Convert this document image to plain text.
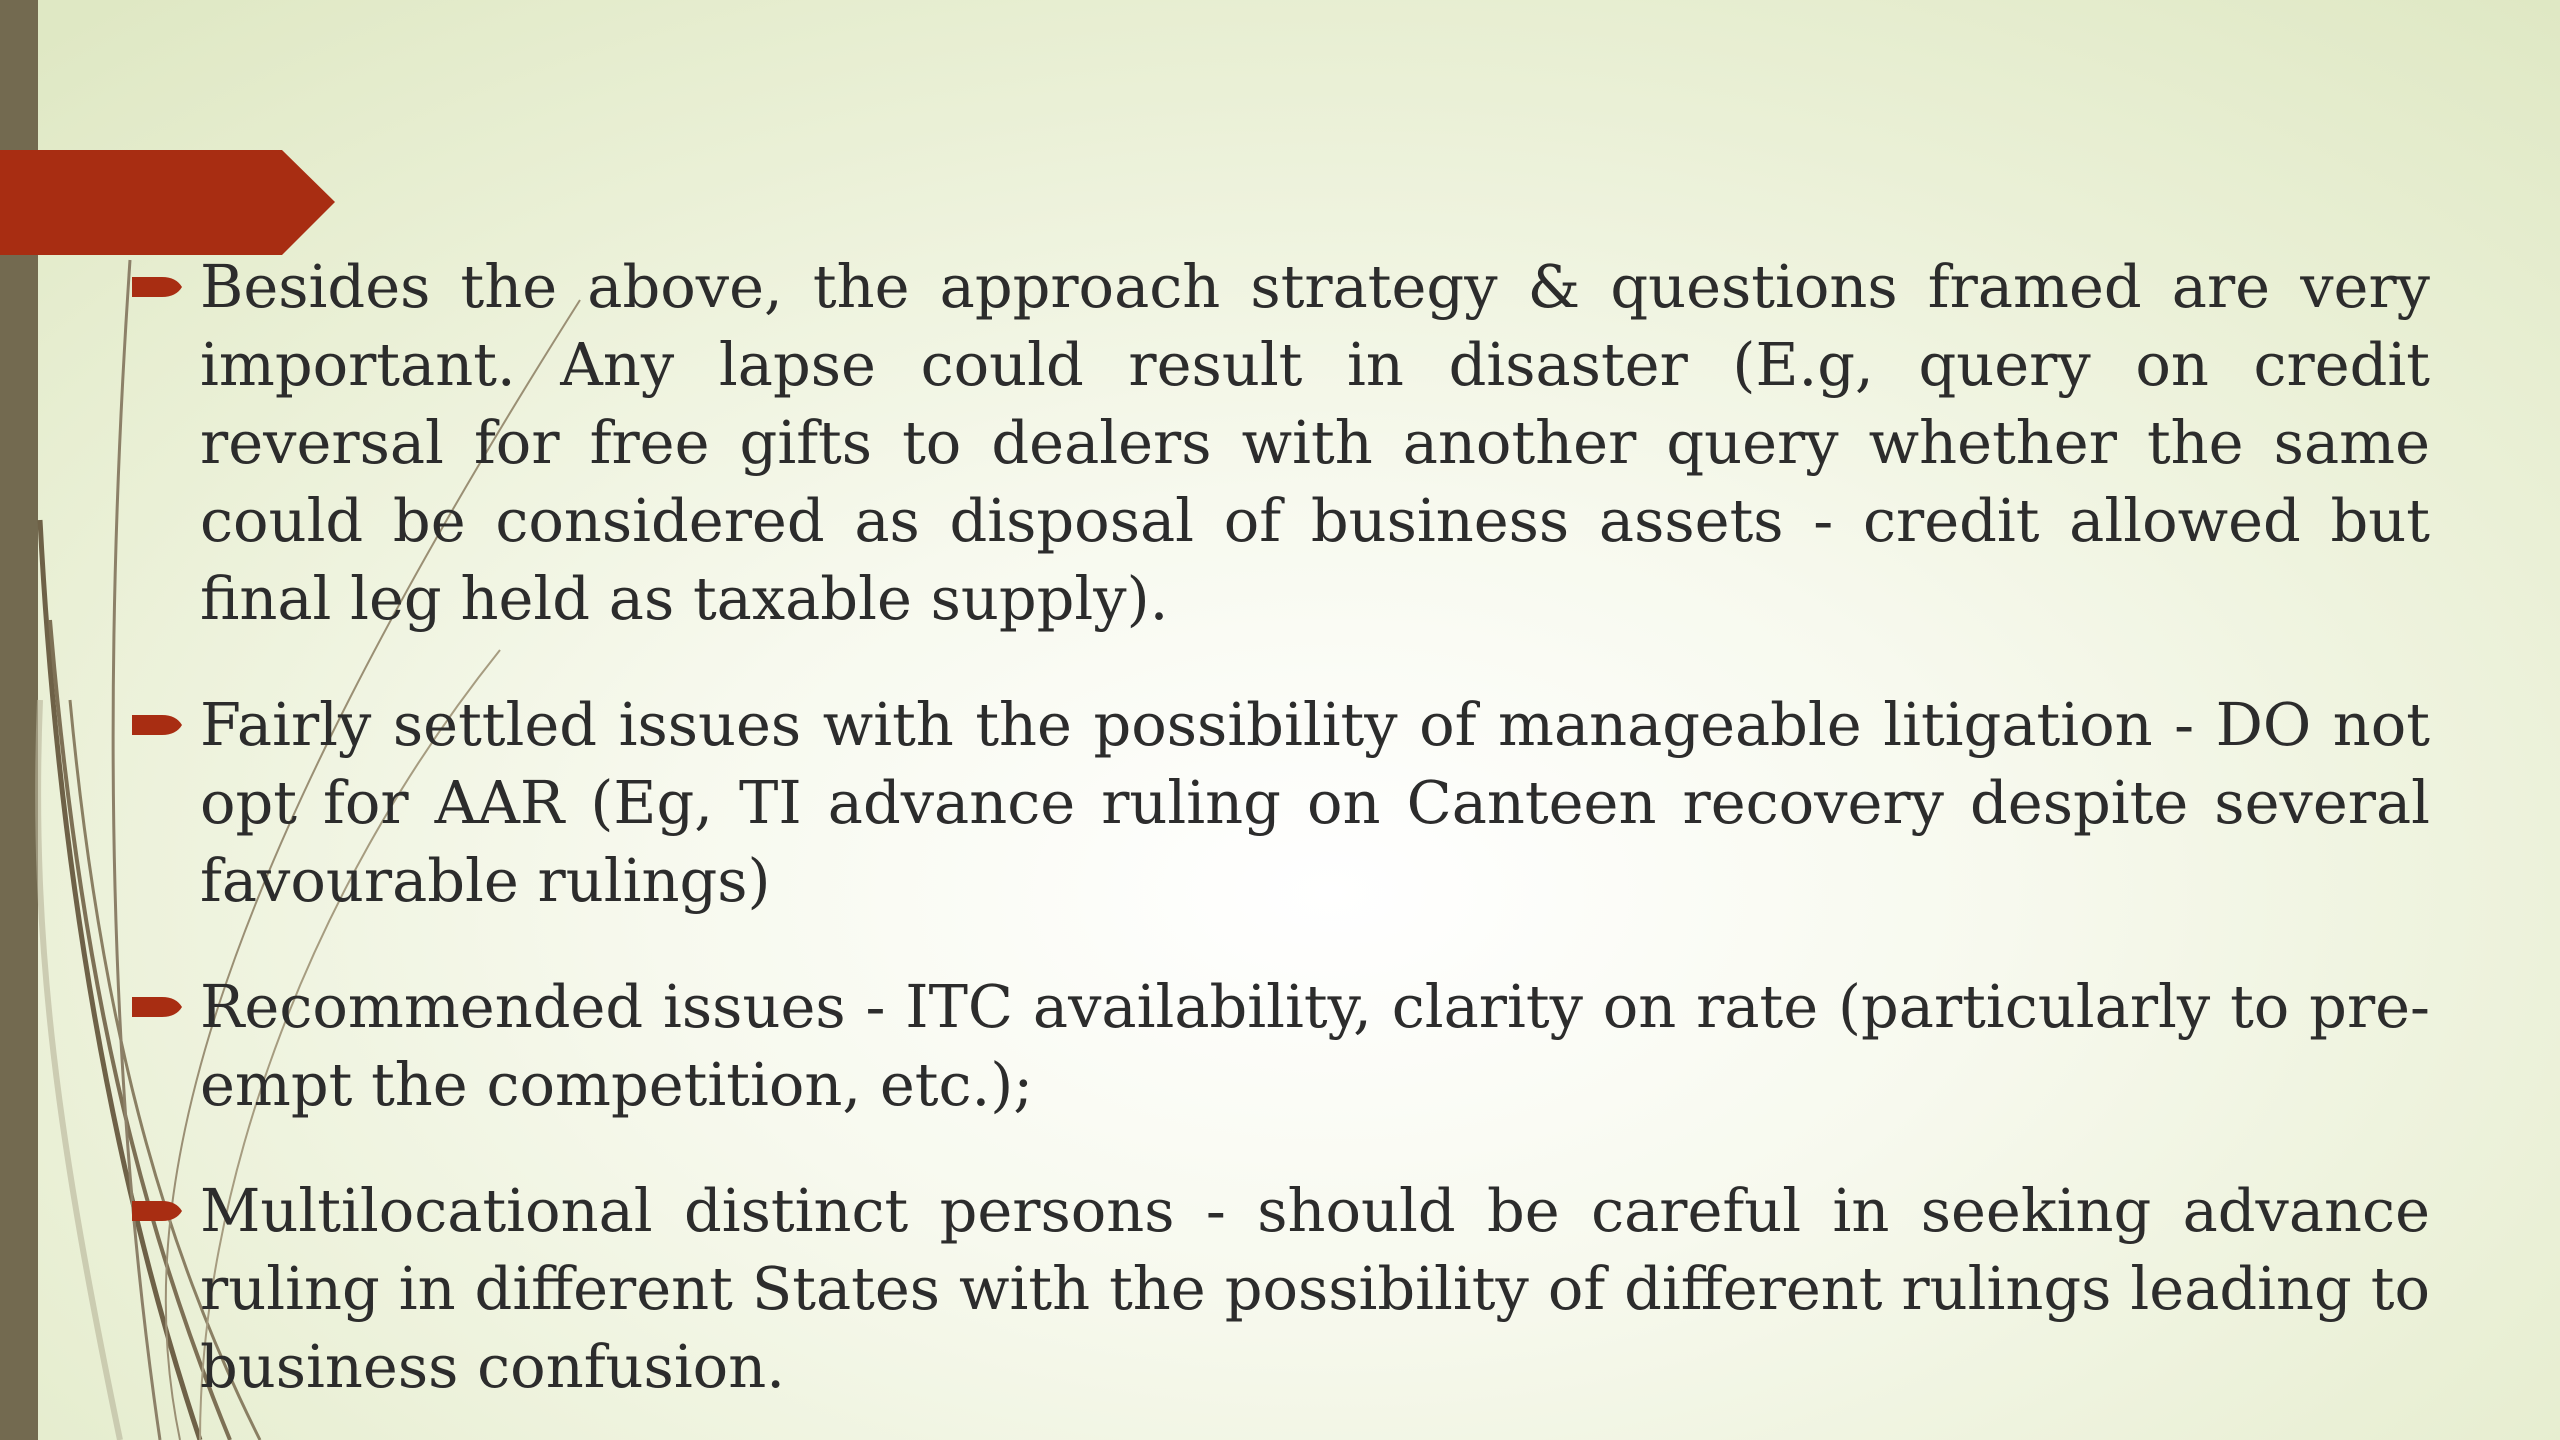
Besides the above, the approach strategy & questions framed are very important. Any lapse could result in disaster (E.g, query on credit reversal for free gifts to dealers with another query whether the same could be considered as disposal of business assets - credit allowed but final leg held as taxable supply).
Fairly settled issues with the possibility of manageable litigation - DO not opt for AAR (Eg, TI advance ruling on Canteen recovery despite several favourable rulings)
Recommended issues - ITC availability, clarity on rate (particularly to pre-empt the competition, etc.);
Multilocational distinct persons - should be careful in seeking advance ruling in different States with the possibility of different rulings leading to business confusion.
